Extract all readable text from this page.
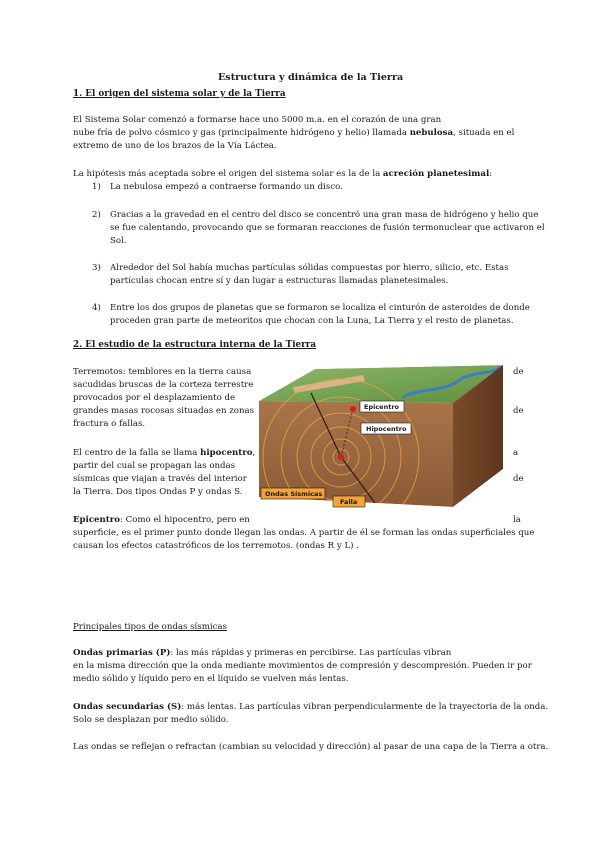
Estructura y dinámica de la Tierra
1. El origen del sistema solar y de la Tierra
El Sistema Solar comenzó a formarse hace uno 5000 m.a. en el corazón de una gran
nube fría de polvo cósmico y gas (principalmente hidrógeno y helio) llamada nebulosa, situada en el
extremo de uno de los brazos de la Vía Láctea.
La hipótesis más aceptada sobre el origen del sistema solar es la de la acreción planetesimal:
1) La nebulosa empezó a contraerse formando un disco.
2) Gracias a la gravedad en el centro del disco se concentró una gran masa de hidrógeno y helio que
se fue calentando, provocando que se formaran reacciones de fusión termonuclear que activaron el
Sol.
3) Alrededor del Sol había muchas partículas sólidas compuestas por hierro, silicio, etc. Estas
partículas chocan entre sí y dan lugar a estructuras llamadas planetesimales.
4) Entre los dos grupos de planetas que se formaron se localiza el cinturón de asteroides de donde
proceden gran parte de meteoritos que chocan con la Luna, La Tierra y el resto de planetas.
2. El estudio de la estructura interna de la Tierra
Terremotos: temblores en la tierra causa
sacudidas bruscas de la corteza terrestre
provocados por el desplazamiento de
grandes masas rocosas situadas en zonas
fractura o fallas.
El centro de la falla se llama hipocentro,
partir del cual se propagan las ondas
sísmicas que viajan a través del interior
la Tierra. Dos tipos Ondas P y ondas S.
de
de
a
de
la
Epicentro: Como el hipocentro, pero en
superficie, es el primer punto donde llegan las ondas. A partir de él se forman las ondas superficiales que
causan los efectos catastróficos de los terremotos. (ondas R y L) .
Epicentro
Hipocentro
Ondas Sísmicas
Falla
Principales tipos de ondas sísmicas
Ondas primarias (P): las más rápidas y primeras en percibirse. Las partículas vibran
en la misma dirección que la onda mediante movimientos de compresión y descompresión. Pueden ir por
medio sólido y líquido pero en el líquido se vuelven más lentas.
Ondas secundarias (S): más lentas. Las partículas vibran perpendicularmente de la trayectoria de la onda.
Solo se desplazan por medio sólido.
Las ondas se reflejan o refractan (cambian su velocidad y dirección) al pasar de una capa de la Tierra a otra.
